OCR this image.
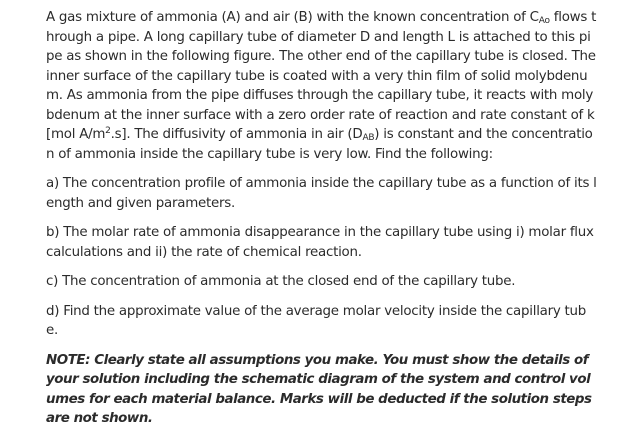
A gas mixture of ammonia (A) and air (B) with the known concentration of $C_{Ao}$ flows through a pipe. A long capillary tube of diameter D and length L is attached to this pipe as shown in the following figure. The other end of the capillary tube is closed. The inner surface of the capillary tube is coated with a very thin film of solid molybdenum. As ammonia from the pipe diffuses through the capillary tube, it reacts with molybdenum at the inner surface with a zero order rate of reaction and rate constant of k [mol $A/m^2.s$]. The diffusivity of ammonia in air $(D_{AB})$ is constant and the concentration of ammonia inside the capillary tube is very low. Find the following:

a) The concentration profile of ammonia inside the capillary tube as a function of its length and given parameters.

b) The molar rate of ammonia disappearance in the capillary tube using i) molar flux calculations and ii) the rate of chemical reaction.

c) The concentration of ammonia at the closed end of the capillary tube.

d) Find the approximate value of the average molar velocity inside the capillary tube.

NOTE: Clearly state all assumptions you make. You must show the details of your solution including the schematic diagram of the system and control volumes for each material balance. Marks will be deducted if the solution steps are not shown.
